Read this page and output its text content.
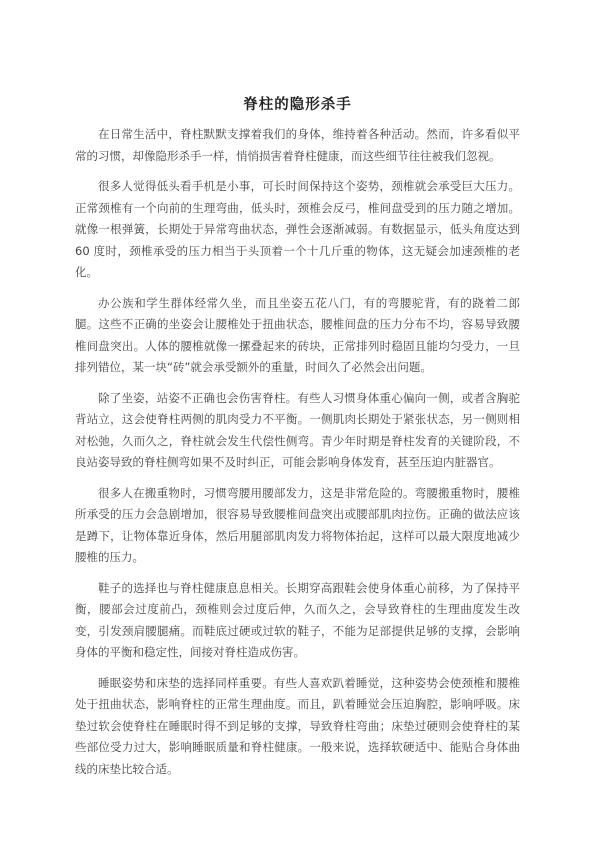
脊柱的隐形杀手

在日常生活中，脊柱默默支撑着我们的身体，维持着各种活动。然而，许多看似平常的习惯，却像隐形杀手一样，悄悄损害着脊柱健康，而这些细节往往被我们忽视。

很多人觉得低头看手机是小事，可长时间保持这个姿势，颈椎就会承受巨大压力。正常颈椎有一个向前的生理弯曲，低头时，颈椎会反弓，椎间盘受到的压力随之增加。就像一根弹簧，长期处于异常弯曲状态，弹性会逐渐减弱。有数据显示，低头角度达到 60 度时，颈椎承受的压力相当于头顶着一个十几斤重的物体，这无疑会加速颈椎的老化。

办公族和学生群体经常久坐，而且坐姿五花八门，有的弯腰驼背，有的跷着二郎腿。这些不正确的坐姿会让腰椎处于扭曲状态，腰椎间盘的压力分布不均，容易导致腰椎间盘突出。人体的腰椎就像一摞叠起来的砖块，正常排列时稳固且能均匀受力，一旦排列错位，某一块“砖”就会承受额外的重量，时间久了必然会出问题。

除了坐姿，站姿不正确也会伤害脊柱。有些人习惯身体重心偏向一侧，或者含胸驼背站立，这会使脊柱两侧的肌肉受力不平衡。一侧肌肉长期处于紧张状态，另一侧则相对松弛，久而久之，脊柱就会发生代偿性侧弯。青少年时期是脊柱发育的关键阶段，不良站姿导致的脊柱侧弯如果不及时纠正，可能会影响身体发育，甚至压迫内脏器官。

很多人在搬重物时，习惯弯腰用腰部发力，这是非常危险的。弯腰搬重物时，腰椎所承受的压力会急剧增加，很容易导致腰椎间盘突出或腰部肌肉拉伤。正确的做法应该是蹲下，让物体靠近身体，然后用腿部肌肉发力将物体抬起，这样可以最大限度地减少腰椎的压力。

鞋子的选择也与脊柱健康息息相关。长期穿高跟鞋会使身体重心前移，为了保持平衡，腰部会过度前凸，颈椎则会过度后伸，久而久之，会导致脊柱的生理曲度发生改变，引发颈肩腰腿痛。而鞋底过硬或过软的鞋子，不能为足部提供足够的支撑，会影响身体的平衡和稳定性，间接对脊柱造成伤害。

睡眠姿势和床垫的选择同样重要。有些人喜欢趴着睡觉，这种姿势会使颈椎和腰椎处于扭曲状态，影响脊柱的正常生理曲度。而且，趴着睡觉会压迫胸腔，影响呼吸。床垫过软会使脊柱在睡眠时得不到足够的支撑，导致脊柱弯曲；床垫过硬则会使脊柱的某些部位受力过大，影响睡眠质量和脊柱健康。一般来说，选择软硬适中、能贴合身体曲线的床垫比较合适。
